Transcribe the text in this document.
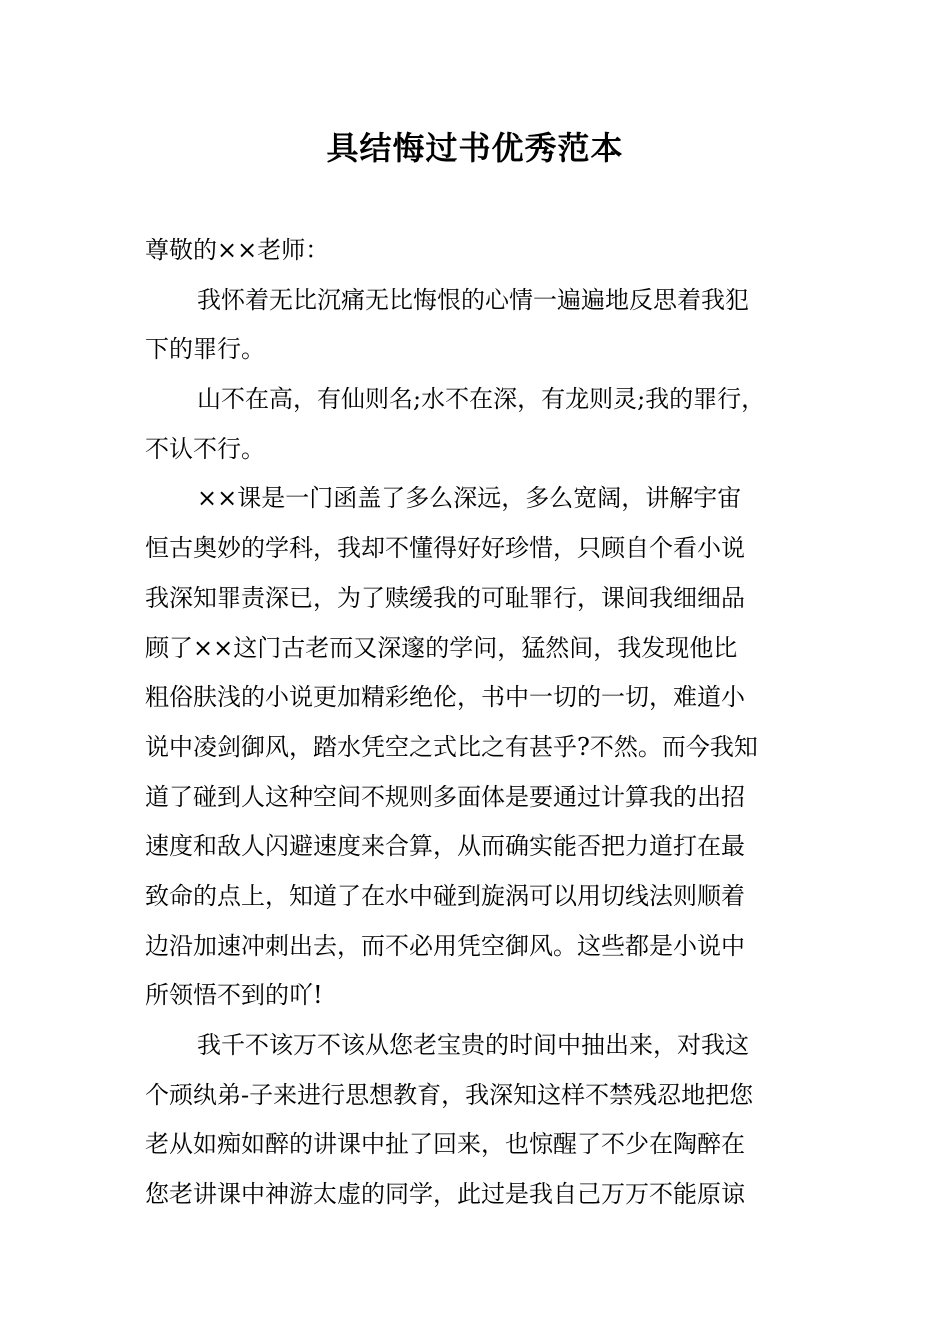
具结悔过书优秀范本
尊敬的××老师：
我怀着无比沉痛无比悔恨的心情一遍遍地反思着我犯
下的罪行。
山不在高，有仙则名;水不在深，有龙则灵;我的罪行，
不认不行。
××课是一门函盖了多么深远，多么宽阔，讲解宇宙
恒古奥妙的学科，我却不懂得好好珍惜，只顾自个看小说
我深知罪责深已，为了赎缓我的可耻罪行，课间我细细品
顾了××这门古老而又深邃的学问，猛然间，我发现他比
粗俗肤浅的小说更加精彩绝伦，书中一切的一切，难道小
说中凌剑御风，踏水凭空之式比之有甚乎?不然。而今我知
道了碰到人这种空间不规则多面体是要通过计算我的出招
速度和敌人闪避速度来合算，从而确实能否把力道打在最
致命的点上，知道了在水中碰到旋涡可以用切线法则顺着
边沿加速冲刺出去，而不必用凭空御风。这些都是小说中
所领悟不到的吖!
我千不该万不该从您老宝贵的时间中抽出来，对我这
个顽纨弟-子来进行思想教育，我深知这样不禁残忍地把您
老从如痴如醉的讲课中扯了回来，也惊醒了不少在陶醉在
您老讲课中神游太虚的同学，此过是我自己万万不能原谅
